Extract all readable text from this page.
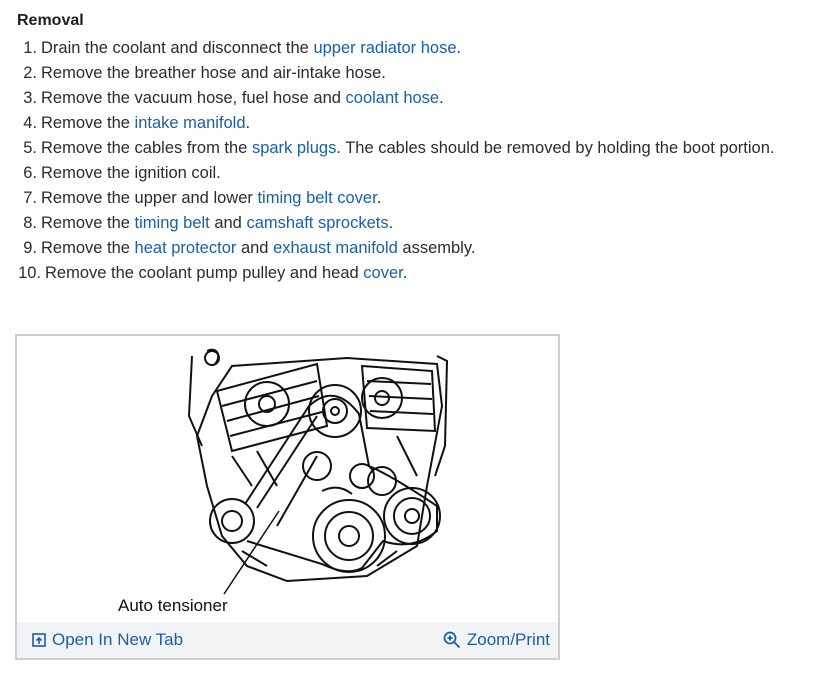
Removal
1. Drain the coolant and disconnect the upper radiator hose.
2. Remove the breather hose and air-intake hose.
3. Remove the vacuum hose, fuel hose and coolant hose.
4. Remove the intake manifold.
5. Remove the cables from the spark plugs. The cables should be removed by holding the boot portion.
6. Remove the ignition coil.
7. Remove the upper and lower timing belt cover.
8. Remove the timing belt and camshaft sprockets.
9. Remove the heat protector and exhaust manifold assembly.
10. Remove the coolant pump pulley and head cover.
Auto tensioner
Open In New Tab	Zoom/Print
